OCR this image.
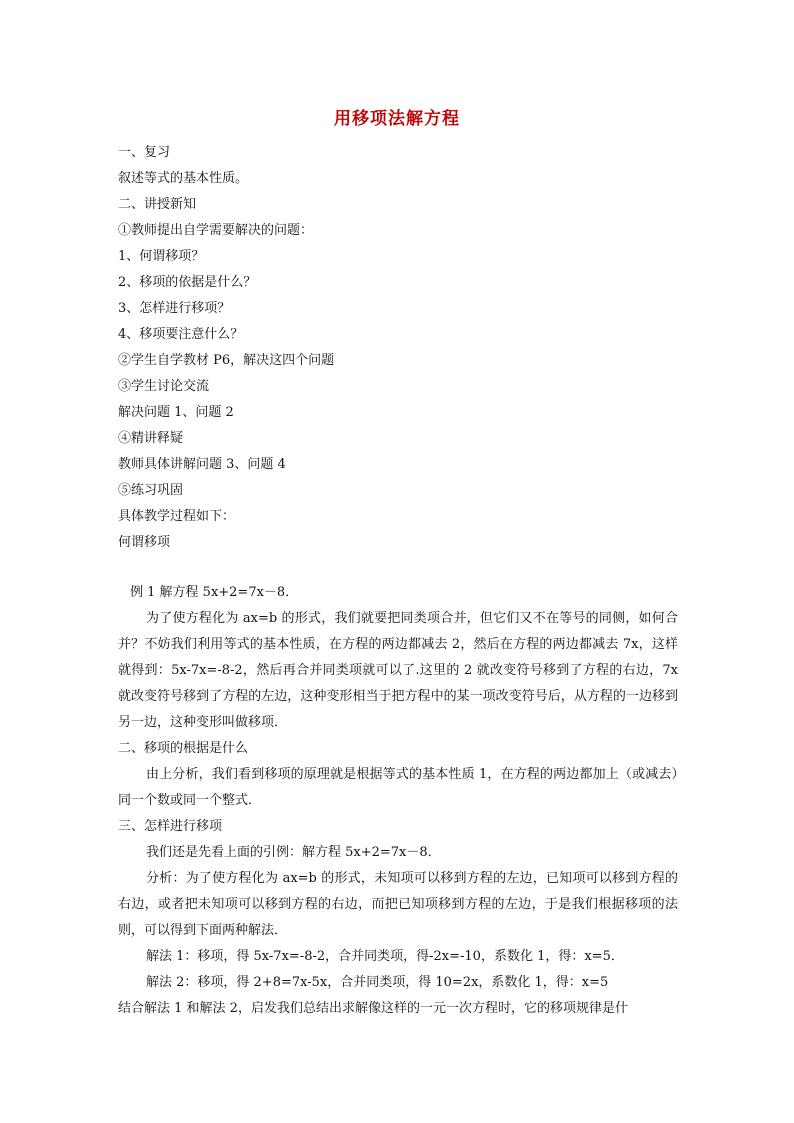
用移项法解方程
一、复习
叙述等式的基本性质。
二、讲授新知
①教师提出自学需要解决的问题：
1、何谓移项？
2、移项的依据是什么？
3、怎样进行移项？
4、移项要注意什么？
②学生自学教材 P6，解决这四个问题
③学生讨论交流
解决问题 1、问题 2
④精讲释疑
教师具体讲解问题 3、问题 4
⑤练习巩固
具体教学过程如下：
何谓移项
例 1 解方程 5x+2=7x－8．
为了使方程化为 ax=b 的形式，我们就要把同类项合并，但它们又不在等号的同侧，如何合并？不妨我们利用等式的基本性质，在方程的两边都减去 2，然后在方程的两边都减去 7x，这样就得到：5x-7x=-8-2，然后再合并同类项就可以了.这里的 2 就改变符号移到了方程的右边，7x 就改变符号移到了方程的左边，这种变形相当于把方程中的某一项改变符号后，从方程的一边移到另一边，这种变形叫做移项．
二、移项的根据是什么
由上分析，我们看到移项的原理就是根据等式的基本性质 1，在方程的两边都加上（或减去）同一个数或同一个整式．
三、怎样进行移项
我们还是先看上面的引例：解方程 5x+2=7x－8．
分析：为了使方程化为 ax=b 的形式，未知项可以移到方程的左边，已知项可以移到方程的右边，或者把未知项可以移到方程的右边，而把已知项移到方程的左边，于是我们根据移项的法则，可以得到下面两种解法．
解法 1：移项，得 5x-7x=-8-2，合并同类项，得-2x=-10，系数化 1，得：x=5．
解法 2：移项，得 2+8=7x-5x，合并同类项，得 10=2x，系数化 1，得：x=5
结合解法 1 和解法 2，启发我们总结出求解像这样的一元一次方程时，它的移项规律是什
